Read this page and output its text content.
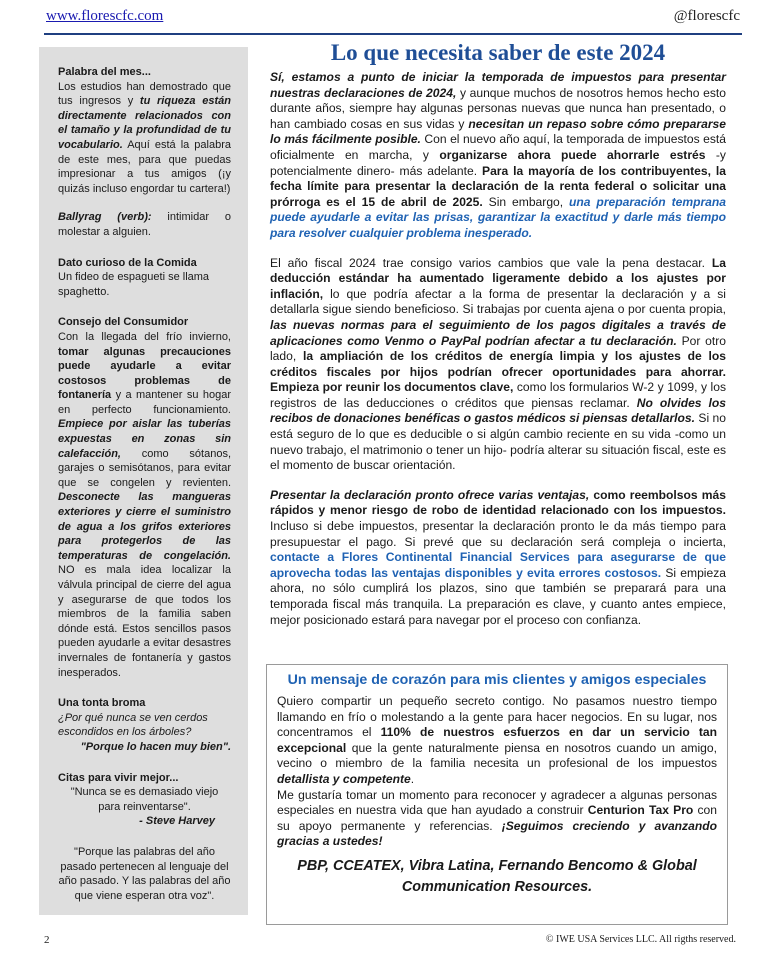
www.florescfc.com	@florescfc

Palabra del mes...

Los estudios han demostrado que tus ingresos y tu riqueza están directamente relacionados con el tamaño y la profundidad de tu vocabulario. Aquí está la palabra de este mes, para que puedas impresionar a tus amigos (¡y quizás incluso engordar tu cartera!)

Ballyrag (verb): intimidar o molestar a alguien.

Dato curioso de la Comida

Un fideo de espagueti se llama spaghetto.

Consejo del Consumidor

Con la llegada del frío invierno, tomar algunas precauciones puede ayudarle a evitar costosos problemas de fontanería y a mantener su hogar en perfecto funcionamiento. Empiece por aislar las tuberías expuestas en zonas sin calefacción, como sótanos, garajes o semisótanos, para evitar que se congelen y revienten. Desconecte las mangueras exteriores y cierre el suministro de agua a los grifos exteriores para protegerlos de las temperaturas de congelación. NO es mala idea localizar la válvula principal de cierre del agua y asegurarse de que todos los miembros de la familia saben dónde está. Estos sencillos pasos pueden ayudarle a evitar desastres invernales de fontanería y gastos inesperados.

Una tonta broma

¿Por qué nunca se ven cerdos escondidos en los árboles?

"Porque lo hacen muy bien".

Citas para vivir mejor...

"Nunca se es demasiado viejo para reinventarse".

- Steve Harvey

"Porque las palabras del año pasado pertenecen al lenguaje del año pasado. Y las palabras del año que viene esperan otra voz".

Lo que necesita saber de este 2024

Sí, estamos a punto de iniciar la temporada de impuestos para presentar nuestras declaraciones de 2024, y aunque muchos de nosotros hemos hecho esto durante años, siempre hay algunas personas nuevas que nunca han presentado, o han cambiado cosas en sus vidas y necesitan un repaso sobre cómo prepararse lo más fácilmente posible. Con el nuevo año aquí, la temporada de impuestos está oficialmente en marcha, y organizarse ahora puede ahorrarle estrés -y potencialmente dinero- más adelante. Para la mayoría de los contribuyentes, la fecha límite para presentar la declaración de la renta federal o solicitar una prórroga es el 15 de abril de 2025. Sin embargo, una preparación temprana puede ayudarle a evitar las prisas, garantizar la exactitud y darle más tiempo para resolver cualquier problema inesperado.

El año fiscal 2024 trae consigo varios cambios que vale la pena destacar. La deducción estándar ha aumentado ligeramente debido a los ajustes por inflación, lo que podría afectar a la forma de presentar la declaración y a si detallarla sigue siendo beneficioso. Si trabajas por cuenta ajena o por cuenta propia, las nuevas normas para el seguimiento de los pagos digitales a través de aplicaciones como Venmo o PayPal podrían afectar a tu declaración. Por otro lado, la ampliación de los créditos de energía limpia y los ajustes de los créditos fiscales por hijos podrían ofrecer oportunidades para ahorrar. Empieza por reunir los documentos clave, como los formularios W-2 y 1099, y los registros de las deducciones o créditos que piensas reclamar. No olvides los recibos de donaciones benéficas o gastos médicos si piensas detallarlos. Si no está seguro de lo que es deducible o si algún cambio reciente en su vida -como un nuevo trabajo, el matrimonio o tener un hijo- podría alterar su situación fiscal, este es el momento de buscar orientación.

Presentar la declaración pronto ofrece varias ventajas, como reembolsos más rápidos y menor riesgo de robo de identidad relacionado con los impuestos. Incluso si debe impuestos, presentar la declaración pronto le da más tiempo para presupuestar el pago. Si prevé que su declaración será compleja o incierta, contacte a Flores Continental Financial Services para asegurarse de que aprovecha todas las ventajas disponibles y evita errores costosos. Si empieza ahora, no sólo cumplirá los plazos, sino que también se preparará para una temporada fiscal más tranquila. La preparación es clave, y cuanto antes empiece, mejor posicionado estará para navegar por el proceso con confianza.

Un mensaje de corazón para mis clientes y amigos especiales

Quiero compartir un pequeño secreto contigo. No pasamos nuestro tiempo llamando en frío o molestando a la gente para hacer negocios. En su lugar, nos concentramos el 110% de nuestros esfuerzos en dar un servicio tan excepcional que la gente naturalmente piensa en nosotros cuando un amigo, vecino o miembro de la familia necesita un profesional de los impuestos detallista y competente.

Me gustaría tomar un momento para reconocer y agradecer a algunas personas especiales en nuestra vida que han ayudado a construir Centurion Tax Pro con su apoyo permanente y referencias. ¡Seguimos creciendo y avanzando gracias a ustedes!

PBP, CCEATEX, Vibra Latina, Fernando Bencomo & Global Communication Resources.
2	© IWE USA Services LLC. All rigths reserved.
